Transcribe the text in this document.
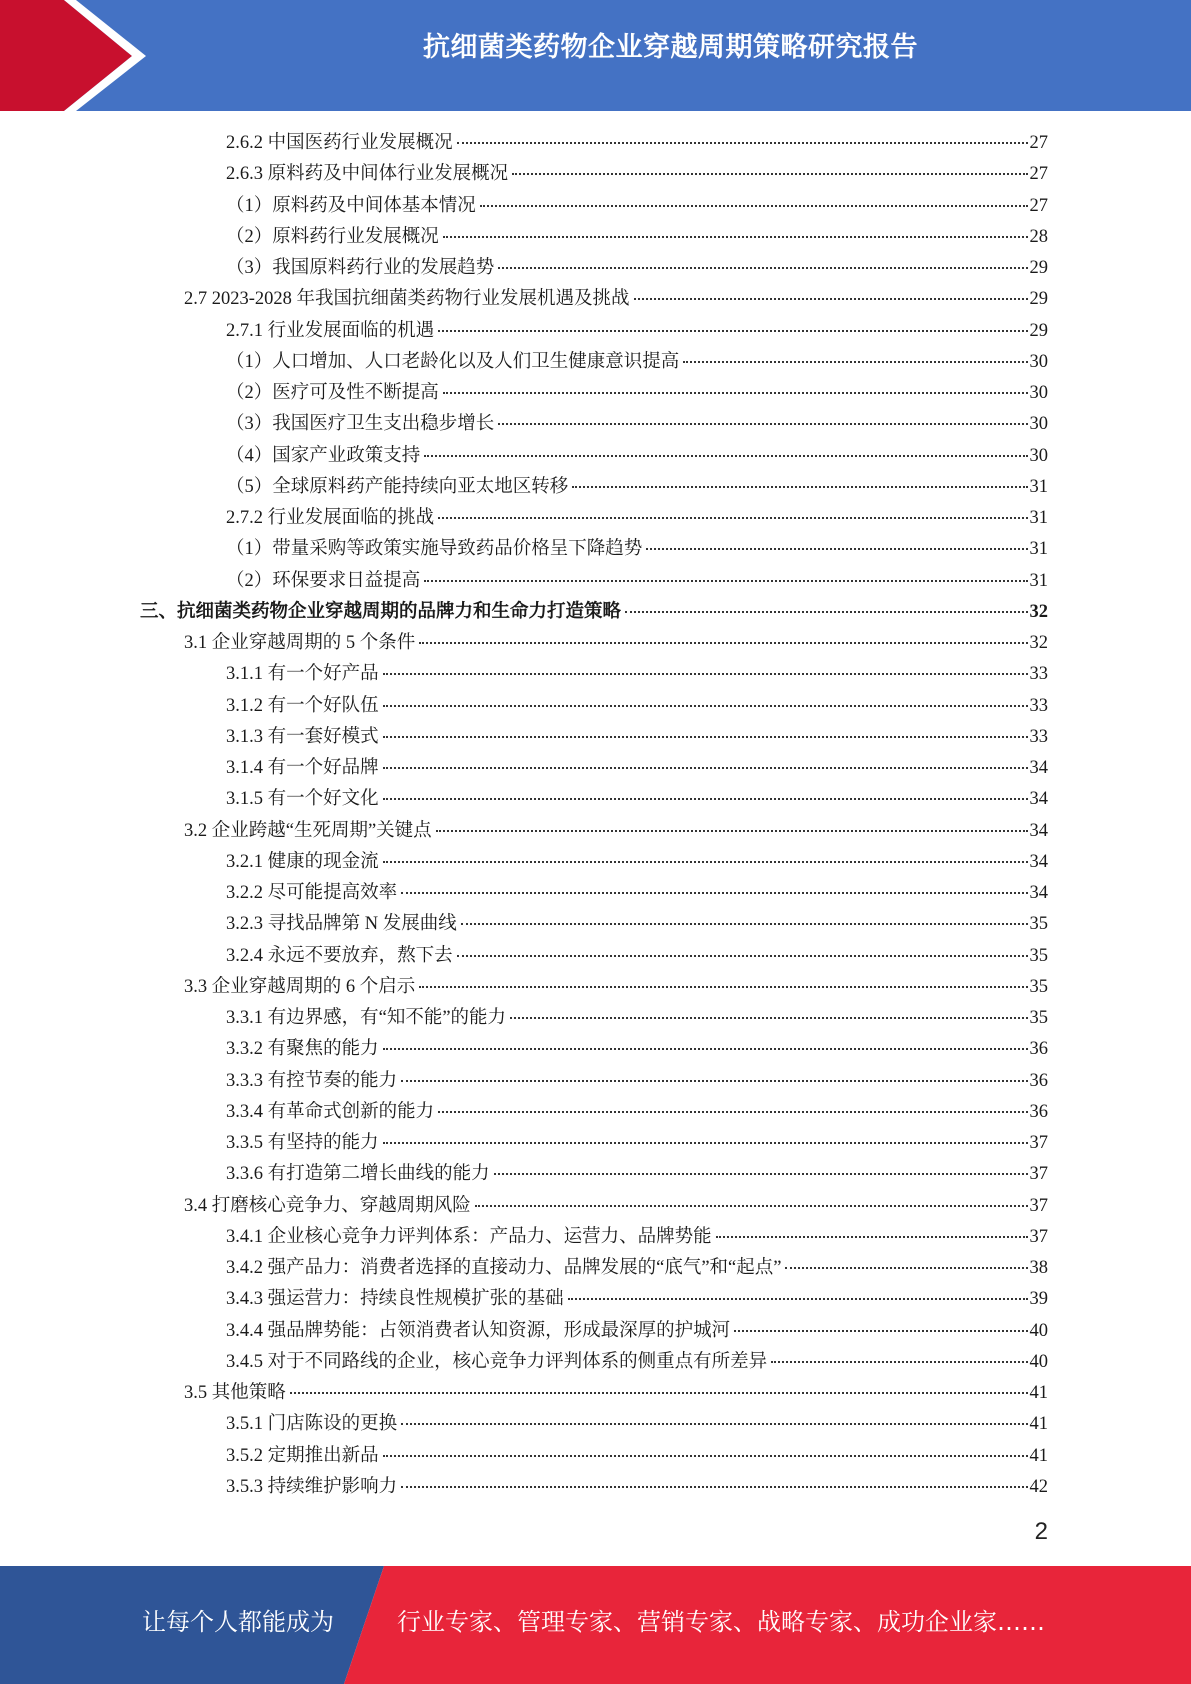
抗细菌类药物企业穿越周期策略研究报告
2.6.2 中国医药行业发展概况	27
2.6.3 原料药及中间体行业发展概况	27
（1）原料药及中间体基本情况	27
（2）原料药行业发展概况	28
（3）我国原料药行业的发展趋势	29
2.7 2023-2028 年我国抗细菌类药物行业发展机遇及挑战	29
2.7.1 行业发展面临的机遇	29
（1）人口增加、人口老龄化以及人们卫生健康意识提高	30
（2）医疗可及性不断提高	30
（3）我国医疗卫生支出稳步增长	30
（4）国家产业政策支持	30
（5）全球原料药产能持续向亚太地区转移	31
2.7.2 行业发展面临的挑战	31
（1）带量采购等政策实施导致药品价格呈下降趋势	31
（2）环保要求日益提高	31
三、抗细菌类药物企业穿越周期的品牌力和生命力打造策略	32
3.1 企业穿越周期的 5 个条件	32
3.1.1 有一个好产品	33
3.1.2 有一个好队伍	33
3.1.3 有一套好模式	33
3.1.4 有一个好品牌	34
3.1.5 有一个好文化	34
3.2 企业跨越“生死周期”关键点	34
3.2.1 健康的现金流	34
3.2.2 尽可能提高效率	34
3.2.3 寻找品牌第 N 发展曲线	35
3.2.4 永远不要放弃，熬下去	35
3.3 企业穿越周期的 6 个启示	35
3.3.1 有边界感，有“知不能”的能力	35
3.3.2 有聚焦的能力	36
3.3.3 有控节奏的能力	36
3.3.4 有革命式创新的能力	36
3.3.5 有坚持的能力	37
3.3.6 有打造第二增长曲线的能力	37
3.4 打磨核心竞争力、穿越周期风险	37
3.4.1 企业核心竞争力评判体系：产品力、运营力、品牌势能	37
3.4.2 强产品力：消费者选择的直接动力、品牌发展的“底气”和“起点”	38
3.4.3 强运营力：持续良性规模扩张的基础	39
3.4.4 强品牌势能：占领消费者认知资源，形成最深厚的护城河	40
3.4.5 对于不同路线的企业，核心竞争力评判体系的侧重点有所差异	40
3.5 其他策略	41
3.5.1 门店陈设的更换	41
3.5.2 定期推出新品	41
3.5.3 持续维护影响力	42
2
让每个人都能成为	行业专家、管理专家、营销专家、战略专家、成功企业家……
